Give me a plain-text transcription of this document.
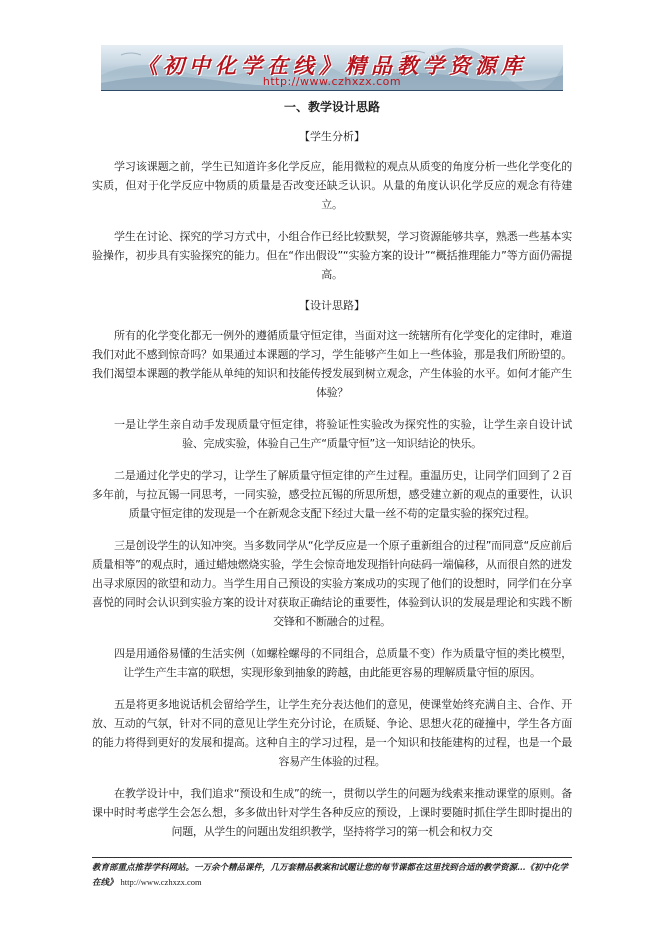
《初中化学在线》精品教学资源库
http://www.czhxzx.com
一、教学设计思路
【学生分析】

学习该课题之前，学生已知道许多化学反应，能用微粒的观点从质变的角度分析一些化学变化的实质，但对于化学反应中物质的质量是否改变还缺乏认识。从量的角度认识化学反应的观念有待建立。

学生在讨论、探究的学习方式中，小组合作已经比较默契，学习资源能够共享，熟悉一些基本实验操作，初步具有实验探究的能力。但在“作出假设”“实验方案的设计”“概括推理能力”等方面仍需提高。

【设计思路】

所有的化学变化都无一例外的遵循质量守恒定律，当面对这一统辖所有化学变化的定律时，难道我们对此不感到惊奇吗？如果通过本课题的学习，学生能够产生如上一些体验，那是我们所盼望的。我们渴望本课题的教学能从单纯的知识和技能传授发展到树立观念，产生体验的水平。如何才能产生体验？

一是让学生亲自动手发现质量守恒定律，将验证性实验改为探究性的实验，让学生亲自设计试验、完成实验，体验自己生产“质量守恒”这一知识结论的快乐。

二是通过化学史的学习，让学生了解质量守恒定律的产生过程。重温历史，让同学们回到了２百多年前，与拉瓦锡一同思考，一同实验，感受拉瓦锡的所思所想，感受建立新的观点的重要性，认识质量守恒定律的发现是一个在新观念支配下经过大量一丝不苟的定量实验的探究过程。

三是创设学生的认知冲突。当多数同学从“化学反应是一个原子重新组合的过程”而同意“反应前后质量相等”的观点时，通过蜡烛燃烧实验，学生会惊奇地发现指针向砝码一端偏移，从而很自然的迸发出寻求原因的欲望和动力。当学生用自己预设的实验方案成功的实现了他们的设想时，同学们在分享喜悦的同时会认识到实验方案的设计对获取正确结论的重要性，体验到认识的发展是理论和实践不断交锋和不断融合的过程。

四是用通俗易懂的生活实例（如螺栓螺母的不同组合，总质量不变）作为质量守恒的类比模型，让学生产生丰富的联想，实现形象到抽象的跨越，由此能更容易的理解质量守恒的原因。

五是将更多地说话机会留给学生，让学生充分表达他们的意见，使课堂始终充满自主、合作、开放、互动的气氛，针对不同的意见让学生充分讨论，在质疑、争论、思想火花的碰撞中，学生各方面的能力将得到更好的发展和提高。这种自主的学习过程，是一个知识和技能建构的过程，也是一个最容易产生体验的过程。

在教学设计中，我们追求“预设和生成”的统一，贯彻以学生的问题为线索来推动课堂的原则。备课中时时考虑学生会怎么想，多多做出针对学生各种反应的预设，上课时要随时抓住学生即时提出的问题，从学生的问题出发组织教学，坚持将学习的第一机会和权力交

教育部重点推荐学科网站。一万余个精品课件，几万套精品教案和试题让您的每节课都在这里找到合适的教学资源…《初中化学在线》 http://www.czhxzx.com
